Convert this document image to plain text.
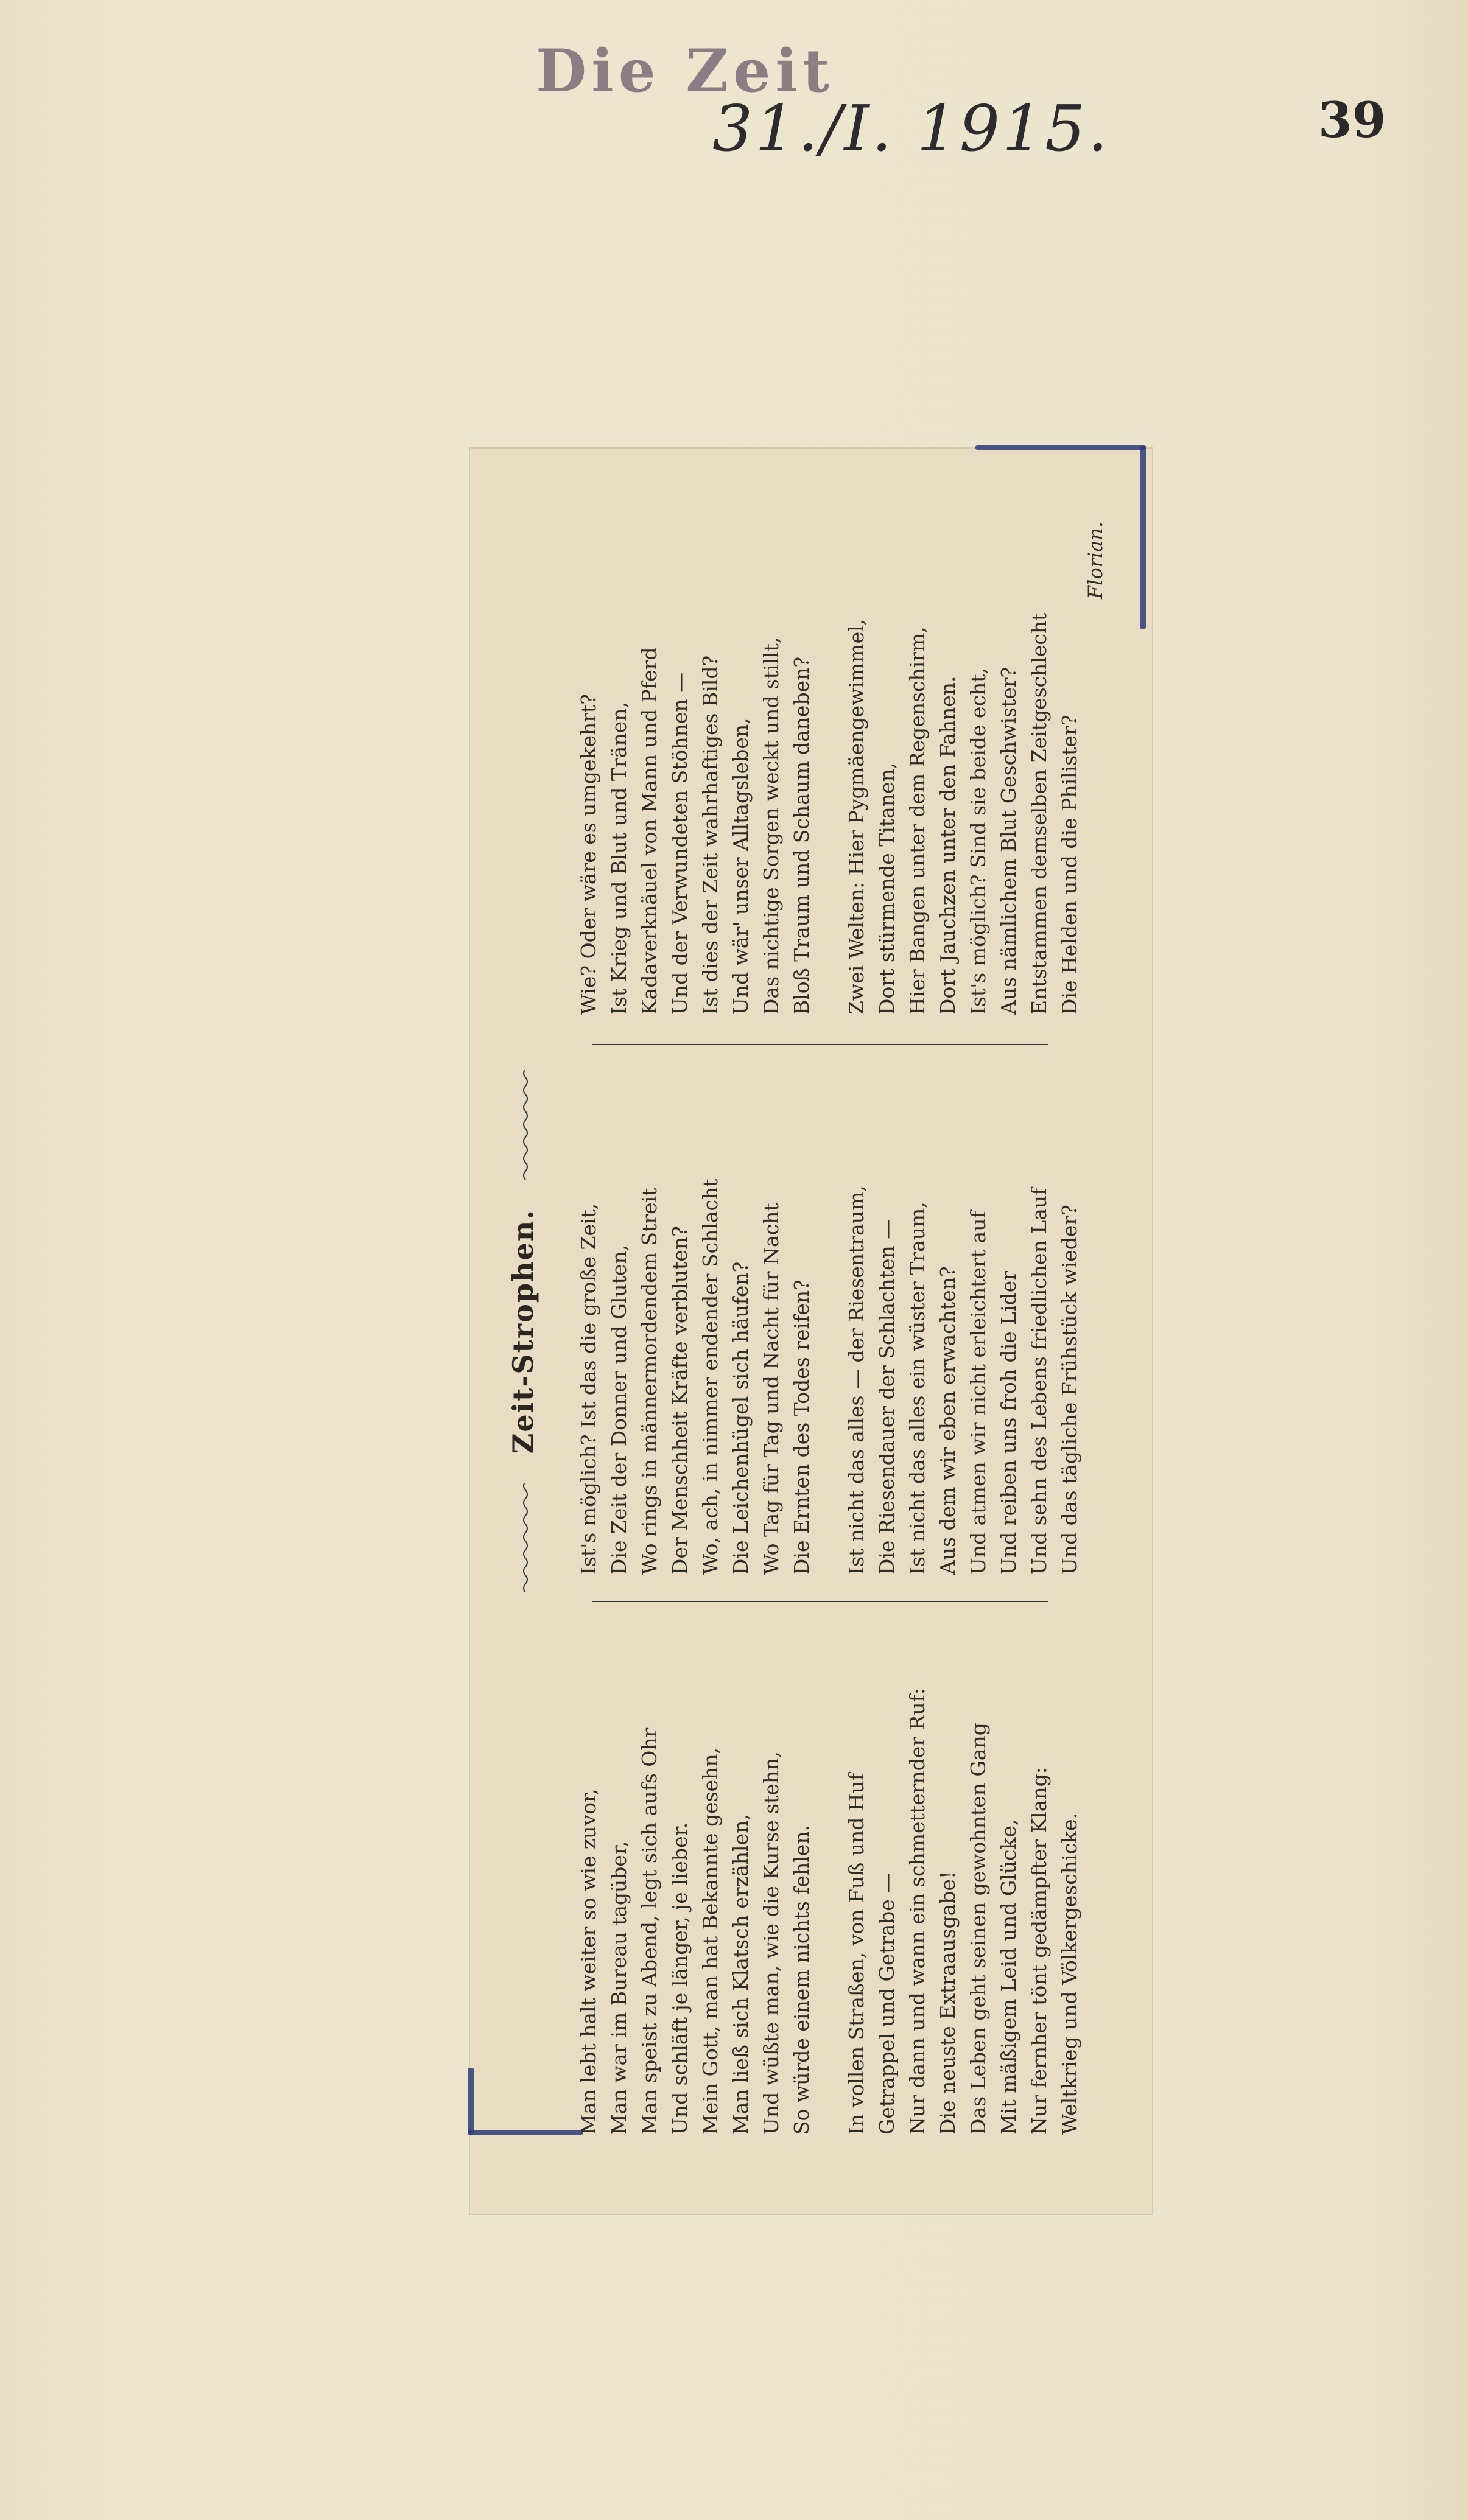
Die Zeit
31./I. 1915.	39
Zeit-Strophen.
Man lebt halt weiter so wie zuvor, Man war im Bureau tagüber, Man speist zu Abend, legt sich aufs Ohr Und schläft je länger, je lieber. Mein Gott, man hat Bekannte gesehn, Man ließ sich Klatsch erzählen, Und wüßte man, wie die Kurse stehn, So würde einem nichts fehlen. In vollen Straßen, von Fuß und Huf Getrappel und Getrabe — Nur dann und wann ein schmetternder Ruf: Die neuste Extraausgabe! Das Leben geht seinen gewohnten Gang Mit mäßigem Leid und Glücke, Nur fernher tönt gedämpfter Klang: Weltkrieg und Völkergeschicke.
Ist's möglich? Ist das die große Zeit, Die Zeit der Donner und Gluten, Wo rings in männermordendem Streit Der Menschheit Kräfte verbluten? Wo, ach, in nimmer endender Schlacht Die Leichenhügel sich häufen? Wo Tag für Tag und Nacht für Nacht Die Ernten des Todes reifen? Ist nicht das alles — der Riesentraum, Die Riesendauer der Schlachten — Ist nicht das alles ein wüster Traum, Aus dem wir eben erwachten? Und atmen wir nicht erleichtert auf Und reiben uns froh die Lider Und sehn des Lebens friedlichen Lauf Und das tägliche Frühstück wieder?
Wie? Oder wäre es umgekehrt? Ist Krieg und Blut und Tränen, Kadaverknäuel von Mann und Pferd Und der Verwundeten Stöhnen — Ist dies der Zeit wahrhaftiges Bild? Und wär' unser Alltagsleben, Das nichtige Sorgen weckt und stillt, Bloß Traum und Schaum daneben? Zwei Welten: Hier Pygmäengewimmel, Dort stürmende Titanen, Hier Bangen unter dem Regenschirm, Dort Jauchzen unter den Fahnen. Ist's möglich? Sind sie beide echt, Aus nämlichem Blut Geschwister? Entstammen demselben Zeitgeschlecht Die Helden und die Philister?
Florian.
